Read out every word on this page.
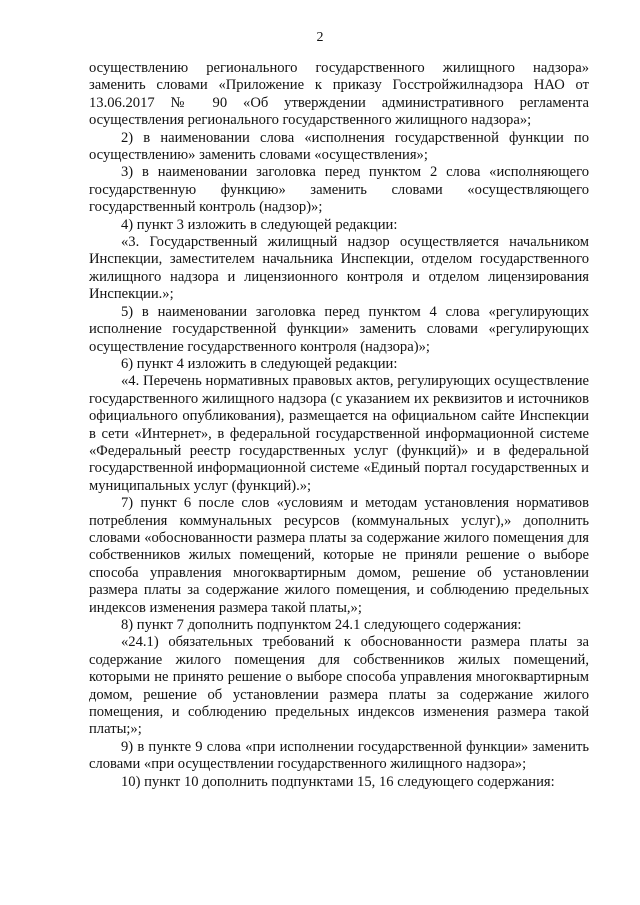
2

осуществлению регионального государственного жилищного надзора» заменить словами «Приложение к приказу Госстройжилнадзора НАО от 13.06.2017 № 90 «Об утверждении административного регламента осуществления регионального государственного жилищного надзора»;

2) в наименовании слова «исполнения государственной функции по осуществлению» заменить словами «осуществления»;

3) в наименовании заголовка перед пунктом 2 слова «исполняющего государственную функцию» заменить словами «осуществляющего государственный контроль (надзор)»;

4) пункт 3 изложить в следующей редакции:

«3. Государственный жилищный надзор осуществляется начальником Инспекции, заместителем начальника Инспекции, отделом государственного жилищного надзора и лицензионного контроля и отделом лицензирования Инспекции.»;

5) в наименовании заголовка перед пунктом 4 слова «регулирующих исполнение государственной функции» заменить словами «регулирующих осуществление государственного контроля (надзора)»;

6) пункт 4 изложить в следующей редакции:

«4. Перечень нормативных правовых актов, регулирующих осуществление государственного жилищного надзора (с указанием их реквизитов и источников официального опубликования), размещается на официальном сайте Инспекции в сети «Интернет», в федеральной государственной информационной системе «Федеральный реестр государственных услуг (функций)» и в федеральной государственной информационной системе «Единый портал государственных и муниципальных услуг (функций).»;

7) пункт 6 после слов «условиям и методам установления нормативов потребления коммунальных ресурсов (коммунальных услуг),» дополнить словами «обоснованности размера платы за содержание жилого помещения для собственников жилых помещений, которые не приняли решение о выборе способа управления многоквартирным домом, решение об установлении размера платы за содержание жилого помещения, и соблюдению предельных индексов изменения размера такой платы,»;

8) пункт 7 дополнить подпунктом 24.1 следующего содержания:

«24.1) обязательных требований к обоснованности размера платы за содержание жилого помещения для собственников жилых помещений, которыми не принято решение о выборе способа управления многоквартирным домом, решение об установлении размера платы за содержание жилого помещения, и соблюдению предельных индексов изменения размера такой платы;»;

9) в пункте 9 слова «при исполнении государственной функции» заменить словами «при осуществлении государственного жилищного надзора»;

10) пункт 10 дополнить подпунктами 15, 16 следующего содержания:
